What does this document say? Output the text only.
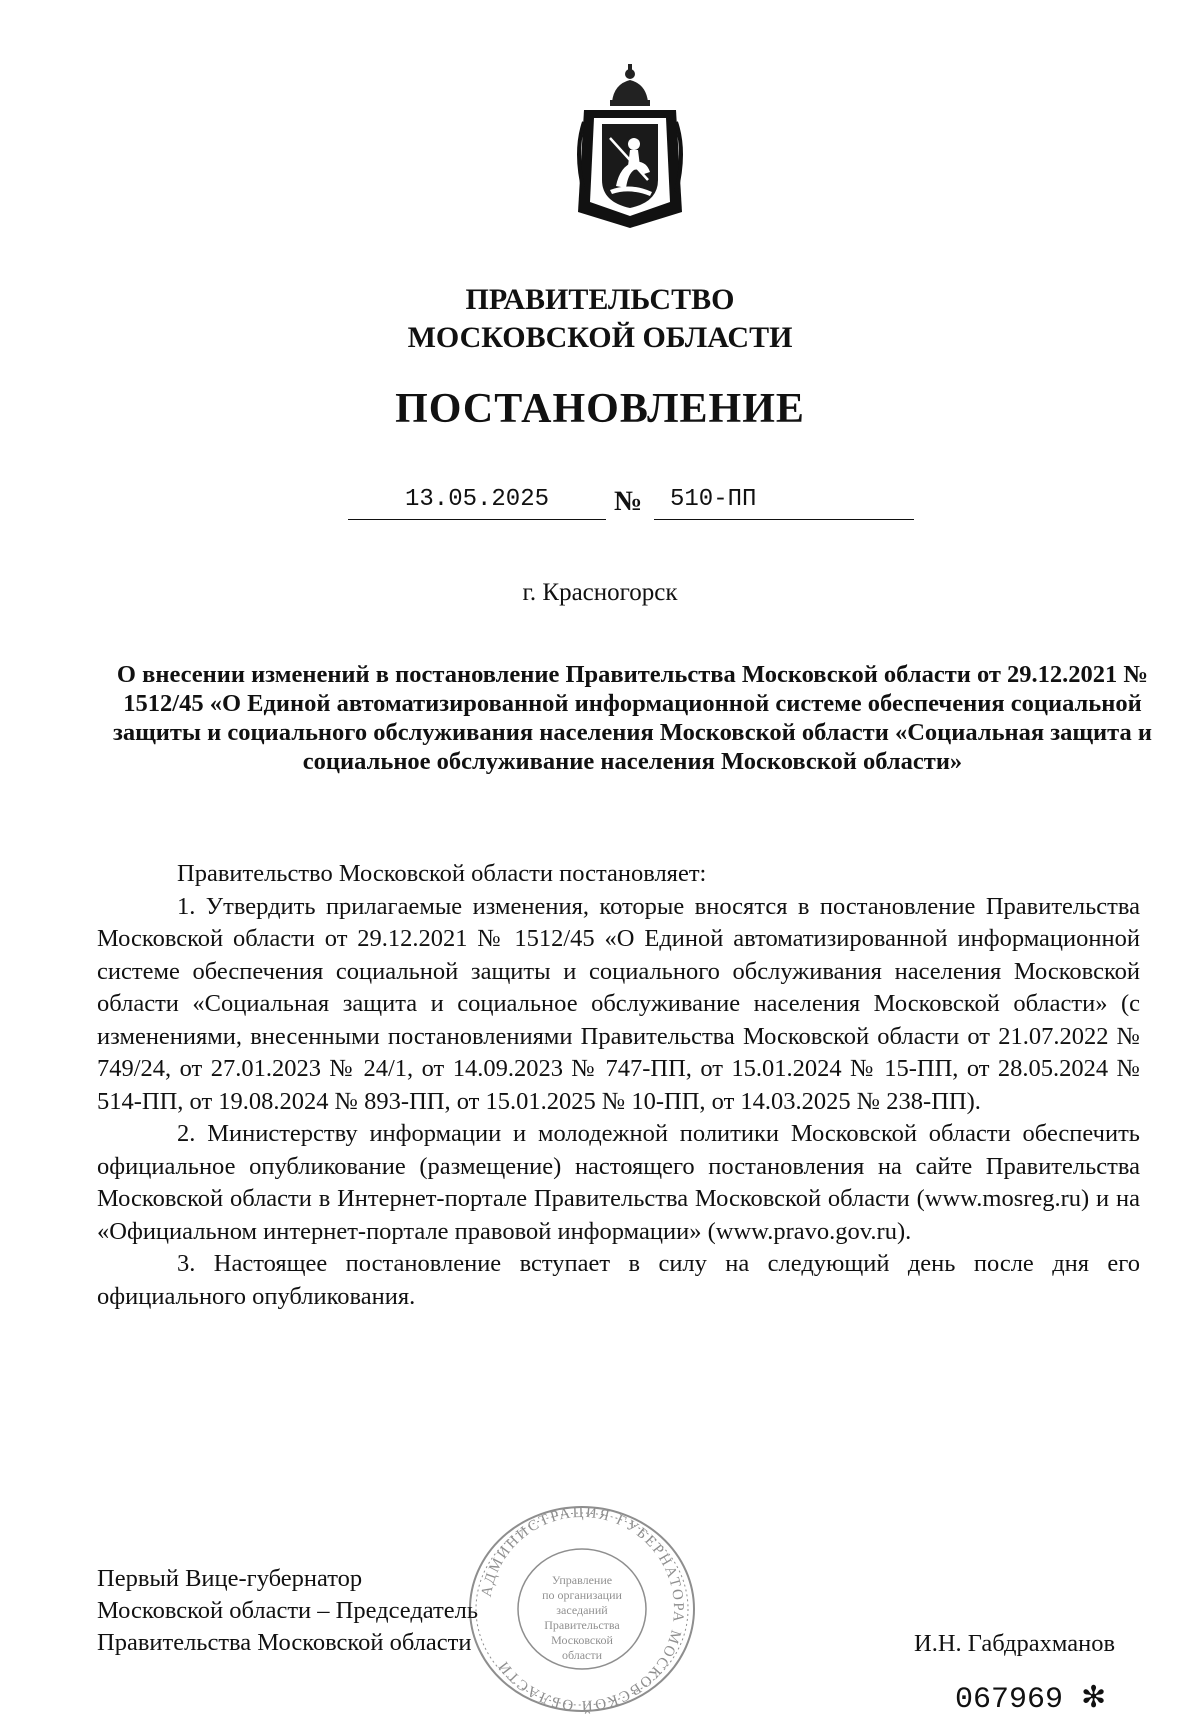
ПРАВИТЕЛЬСТВО
МОСКОВСКОЙ ОБЛАСТИ
ПОСТАНОВЛЕНИЕ
13.05.2025	№	510-ПП
г. Красногорск
О внесении изменений в постановление Правительства Московской области от 29.12.2021 № 1512/45 «О Единой автоматизированной информационной системе обеспечения социальной защиты и социального обслуживания населения Московской области «Социальная защита и социальное обслуживание населения Московской области»

Правительство Московской области постановляет:

1. Утвердить прилагаемые изменения, которые вносятся в постановление Правительства Московской области от 29.12.2021 № 1512/45 «О Единой автоматизированной информационной системе обеспечения социальной защиты и социального обслуживания населения Московской области «Социальная защита и социальное обслуживание населения Московской области» (с изменениями, внесенными постановлениями Правительства Московской области от 21.07.2022 № 749/24, от 27.01.2023 № 24/1, от 14.09.2023 № 747-ПП, от 15.01.2024 № 15-ПП, от 28.05.2024 № 514-ПП, от 19.08.2024 № 893-ПП, от 15.01.2025 № 10-ПП, от 14.03.2025 № 238-ПП).

2. Министерству информации и молодежной политики Московской области обеспечить официальное опубликование (размещение) настоящего постановления на сайте Правительства Московской области в Интернет-портале Правительства Московской области (www.mosreg.ru) и на «Официальном интернет-портале правовой информации» (www.pravo.gov.ru).

3. Настоящее постановление вступает в силу на следующий день после дня его официального опубликования.

Первый Вице-губернатор
Московской области – Председатель
Правительства Московской области
АДМИНИСТРАЦИЯ ГУБЕРНАТОРА МОСКОВСКОЙ ОБЛАСТИ
Управление
по организации
заседаний
Правительства
Московской
области	И.Н. Габдрахманов
067969 ✻
